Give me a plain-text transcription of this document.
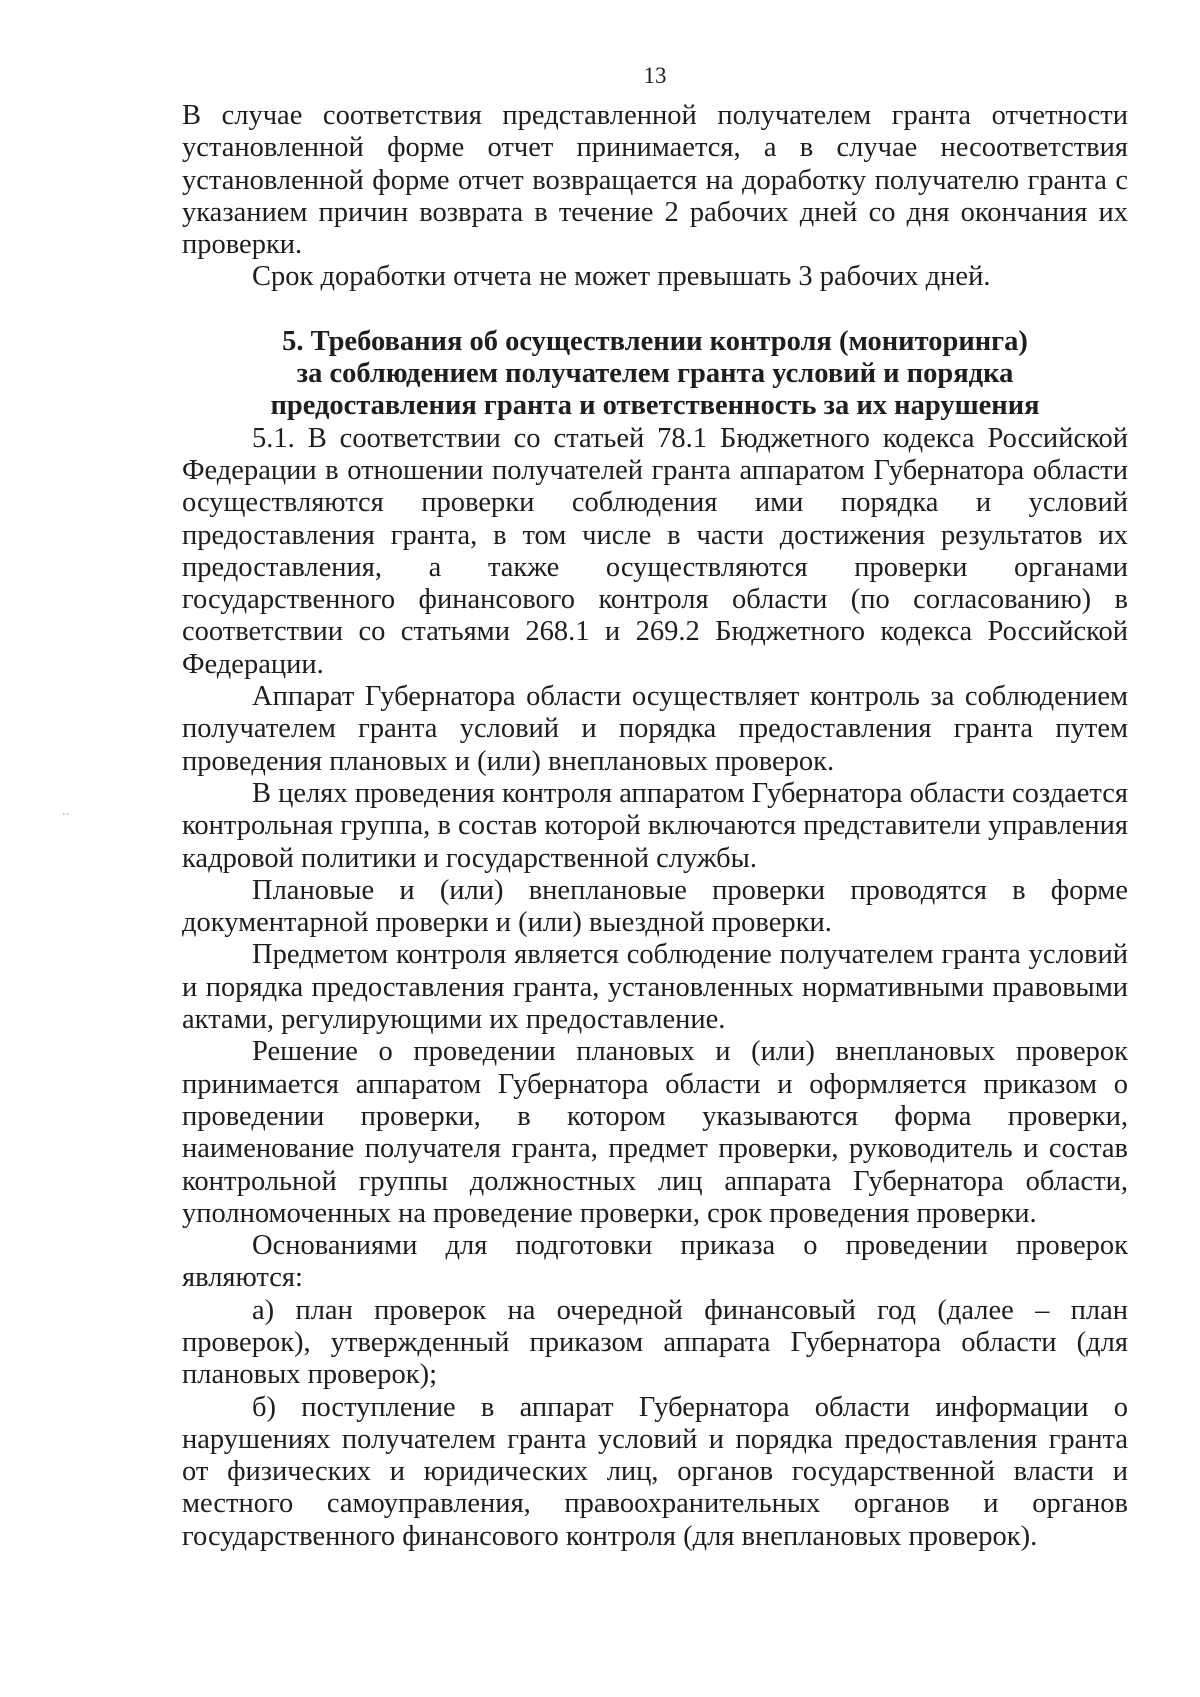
13
..

В случае соответствия представленной получателем гранта отчетности установленной форме отчет принимается, а в случае несоответствия установленной форме отчет возвращается на доработку получателю гранта с указанием причин возврата в течение 2 рабочих дней со дня окончания их проверки.

Срок доработки отчета не может превышать 3 рабочих дней.

5. Требования об осуществлении контроля (мониторинга)
за соблюдением получателем гранта условий и порядка
предоставления гранта и ответственность за их нарушения

5.1. В соответствии со статьей 78.1 Бюджетного кодекса Российской Федерации в отношении получателей гранта аппаратом Губернатора области осуществляются проверки соблюдения ими порядка и условий предоставления гранта, в том числе в части достижения результатов их предоставления, а также осуществляются проверки органами государственного финансового контроля области (по согласованию) в соответствии со статьями 268.1 и 269.2 Бюджетного кодекса Российской Федерации.

Аппарат Губернатора области осуществляет контроль за соблюдением получателем гранта условий и порядка предоставления гранта путем проведения плановых и (или) внеплановых проверок.

В целях проведения контроля аппаратом Губернатора области создается контрольная группа, в состав которой включаются представители управления кадровой политики и государственной службы.

Плановые и (или) внеплановые проверки проводятся в форме документарной проверки и (или) выездной проверки.

Предметом контроля является соблюдение получателем гранта условий и порядка предоставления гранта, установленных нормативными правовыми актами, регулирующими их предоставление.

Решение о проведении плановых и (или) внеплановых проверок принимается аппаратом Губернатора области и оформляется приказом о проведении проверки, в котором указываются форма проверки, наименование получателя гранта, предмет проверки, руководитель и состав контрольной группы должностных лиц аппарата Губернатора области, уполномоченных на проведение проверки, срок проведения проверки.

Основаниями для подготовки приказа о проведении проверок являются:

а) план проверок на очередной финансовый год (далее – план проверок), утвержденный приказом аппарата Губернатора области (для плановых проверок);

б) поступление в аппарат Губернатора области информации о нарушениях получателем гранта условий и порядка предоставления гранта от физических и юридических лиц, органов государственной власти и местного самоуправления, правоохранительных органов и органов государственного финансового контроля (для внеплановых проверок).
